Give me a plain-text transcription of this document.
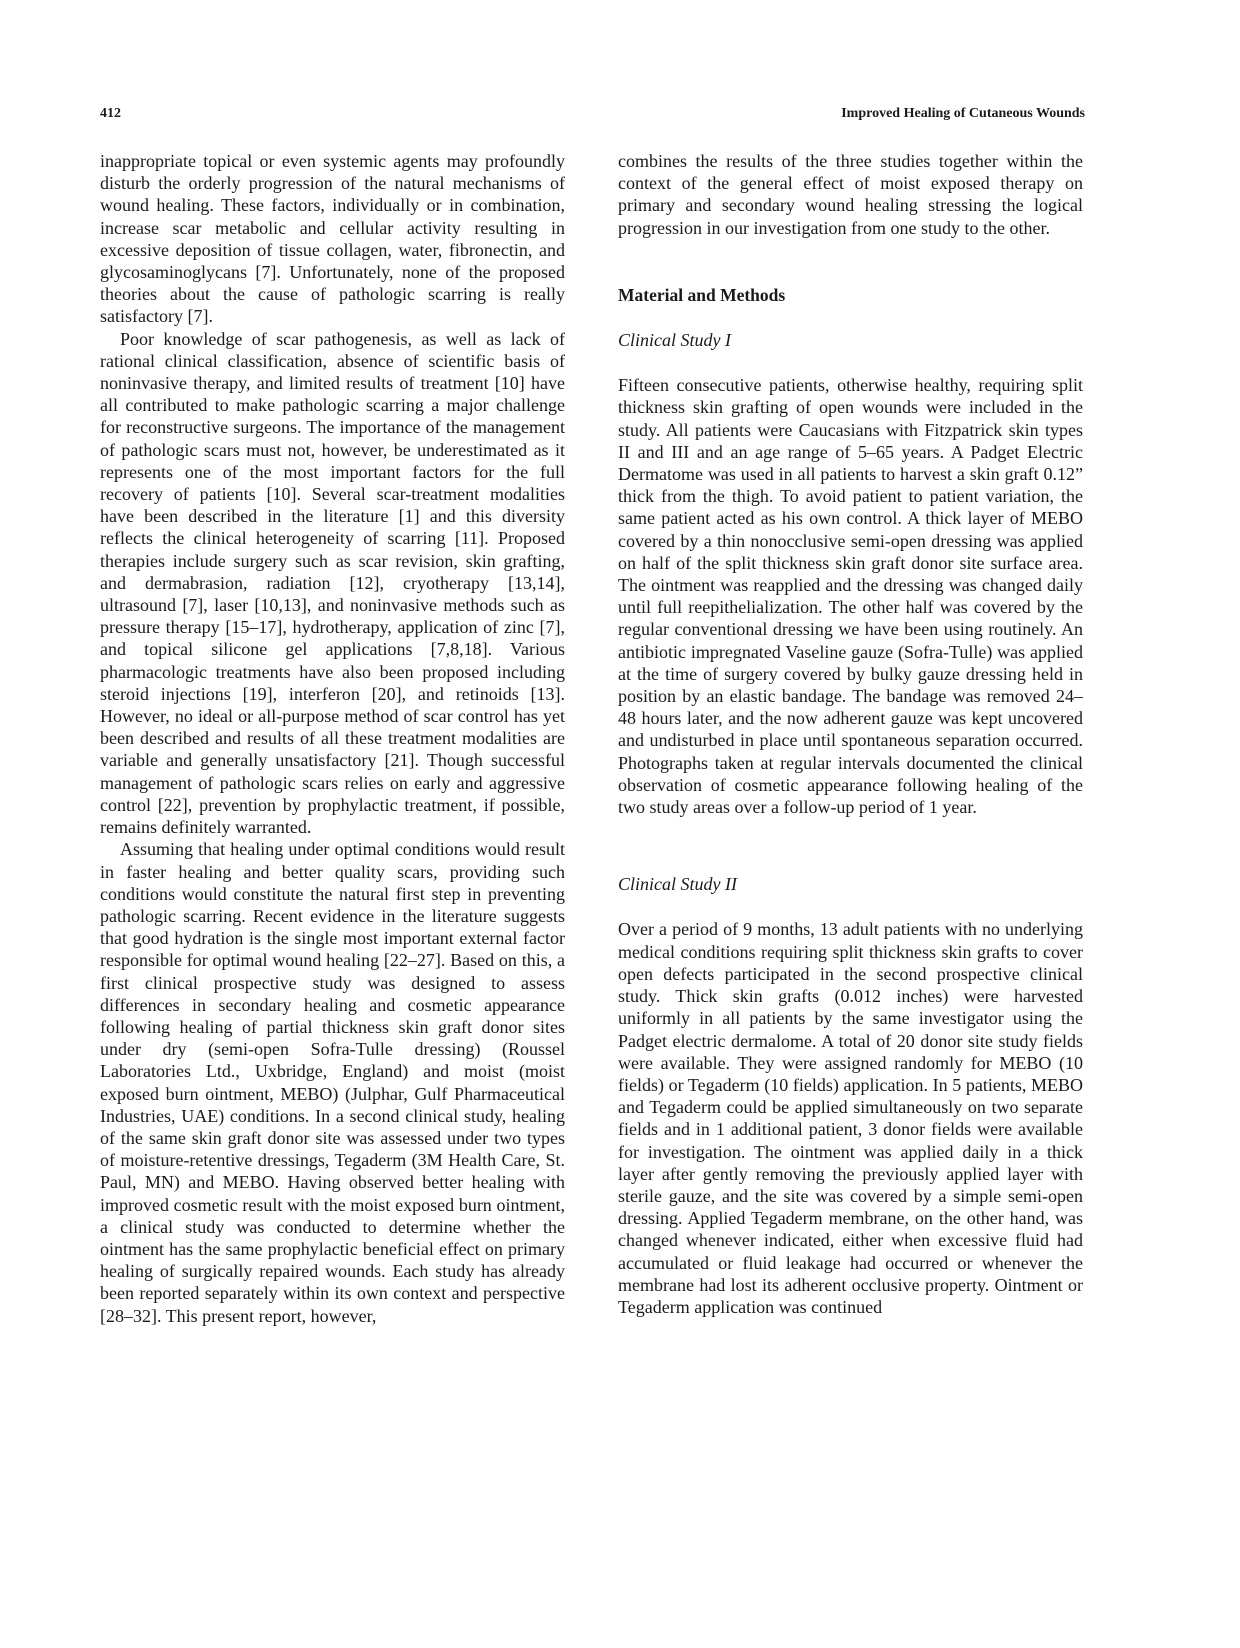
412	Improved Healing of Cutaneous Wounds

inappropriate topical or even systemic agents may profoundly disturb the orderly progression of the natural mechanisms of wound healing. These factors, individually or in combination, increase scar metabolic and cellular activity resulting in excessive deposition of tissue collagen, water, fibronectin, and glycosaminoglycans [7]. Unfortunately, none of the proposed theories about the cause of pathologic scarring is really satisfactory [7].

Poor knowledge of scar pathogenesis, as well as lack of rational clinical classification, absence of scientific basis of noninvasive therapy, and limited results of treatment [10] have all contributed to make pathologic scarring a major challenge for reconstructive surgeons. The importance of the management of pathologic scars must not, however, be underestimated as it represents one of the most important factors for the full recovery of patients [10]. Several scar-treatment modalities have been described in the literature [1] and this diversity reflects the clinical heterogeneity of scarring [11]. Proposed therapies include surgery such as scar revision, skin grafting, and dermabrasion, radiation [12], cryotherapy [13,14], ultrasound [7], laser [10,13], and noninvasive methods such as pressure therapy [15–17], hydrotherapy, application of zinc [7], and topical silicone gel applications [7,8,18]. Various pharmacologic treatments have also been proposed including steroid injections [19], interferon [20], and retinoids [13]. However, no ideal or all-purpose method of scar control has yet been described and results of all these treatment modalities are variable and generally unsatisfactory [21]. Though successful management of pathologic scars relies on early and aggressive control [22], prevention by prophylactic treatment, if possible, remains definitely warranted.

Assuming that healing under optimal conditions would result in faster healing and better quality scars, providing such conditions would constitute the natural first step in preventing pathologic scarring. Recent evidence in the literature suggests that good hydration is the single most important external factor responsible for optimal wound healing [22–27]. Based on this, a first clinical prospective study was designed to assess differences in secondary healing and cosmetic appearance following healing of partial thickness skin graft donor sites under dry (semi-open Sofra-Tulle dressing) (Roussel Laboratories Ltd., Uxbridge, England) and moist (moist exposed burn ointment, MEBO) (Julphar, Gulf Pharmaceutical Industries, UAE) conditions. In a second clinical study, healing of the same skin graft donor site was assessed under two types of moisture-retentive dressings, Tegaderm (3M Health Care, St. Paul, MN) and MEBO. Having observed better healing with improved cosmetic result with the moist exposed burn ointment, a clinical study was conducted to determine whether the ointment has the same prophylactic beneficial effect on primary healing of surgically repaired wounds. Each study has already been reported separately within its own context and perspective [28–32]. This present report, however,

combines the results of the three studies together within the context of the general effect of moist exposed therapy on primary and secondary wound healing stressing the logical progression in our investigation from one study to the other.

Material and Methods
Clinical Study I

Fifteen consecutive patients, otherwise healthy, requiring split thickness skin grafting of open wounds were included in the study. All patients were Caucasians with Fitzpatrick skin types II and III and an age range of 5–65 years. A Padget Electric Dermatome was used in all patients to harvest a skin graft 0.12” thick from the thigh. To avoid patient to patient variation, the same patient acted as his own control. A thick layer of MEBO covered by a thin nonocclusive semi-open dressing was applied on half of the split thickness skin graft donor site surface area. The ointment was reapplied and the dressing was changed daily until full reepithelialization. The other half was covered by the regular conventional dressing we have been using routinely. An antibiotic impregnated Vaseline gauze (Sofra-Tulle) was applied at the time of surgery covered by bulky gauze dressing held in position by an elastic bandage. The bandage was removed 24–48 hours later, and the now adherent gauze was kept uncovered and undisturbed in place until spontaneous separation occurred. Photographs taken at regular intervals documented the clinical observation of cosmetic appearance following healing of the two study areas over a follow-up period of 1 year.

Clinical Study II

Over a period of 9 months, 13 adult patients with no underlying medical conditions requiring split thickness skin grafts to cover open defects participated in the second prospective clinical study. Thick skin grafts (0.012 inches) were harvested uniformly in all patients by the same investigator using the Padget electric dermalome. A total of 20 donor site study fields were available. They were assigned randomly for MEBO (10 fields) or Tegaderm (10 fields) application. In 5 patients, MEBO and Tegaderm could be applied simultaneously on two separate fields and in 1 additional patient, 3 donor fields were available for investigation. The ointment was applied daily in a thick layer after gently removing the previously applied layer with sterile gauze, and the site was covered by a simple semi-open dressing. Applied Tegaderm membrane, on the other hand, was changed whenever indicated, either when excessive fluid had accumulated or fluid leakage had occurred or whenever the membrane had lost its adherent occlusive property. Ointment or Tegaderm application was continued
